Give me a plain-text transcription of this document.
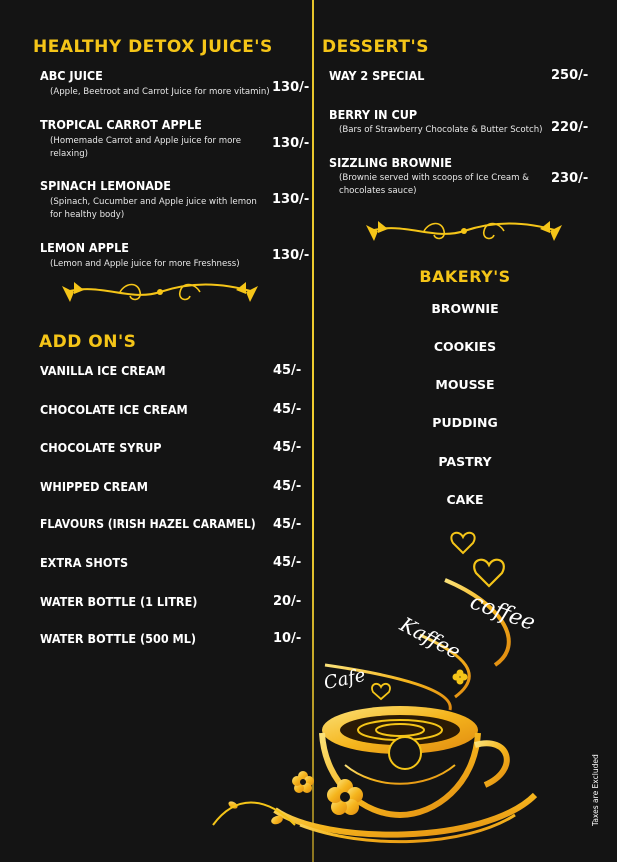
HEALTHY DETOX JUICE'S
ABC JUICE
(Apple, Beetroot and Carrot Juice for more vitamin) 130/-
TROPICAL CARROT APPLE
(Homemade Carrot and Apple juice for more relaxing)
130/-
SPINACH LEMONADE
(Spinach, Cucumber and Apple juice with lemon for healthy body)
130/-
LEMON APPLE
(Lemon and Apple juice for more Freshness)
130/-
ADD ON'S
VANILLA ICE CREAM	45/-
CHOCOLATE ICE CREAM	45/-
CHOCOLATE SYRUP	45/-
WHIPPED CREAM	45/-
FLAVOURS (IRISH HAZEL CARAMEL) 45/-
EXTRA SHOTS	45/-
WATER BOTTLE (1 LITRE)	20/-
WATER BOTTLE (500 ML)	10/-
DESSERT'S
WAY 2 SPECIAL	250/-
BERRY IN CUP
(Bars of Strawberry Chocolate & Butter Scotch) 220/-
SIZZLING BROWNIE
(Brownie served with scoops of Ice Cream & chocolates sauce)
230/-
BAKERY'S
BROWNIE
COOKIES
MOUSSE
PUDDING
PASTRY
CAKE
coffee
Kaffee
Cafe
Taxes are Excluded
